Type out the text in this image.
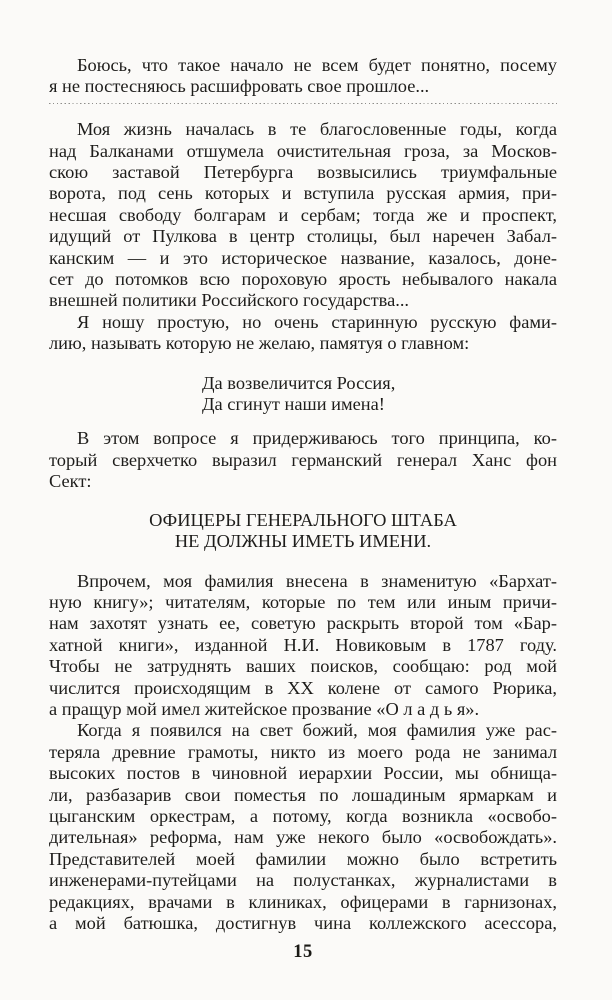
Боюсь, что такое начало не всем будет понятно, посему
я не постесняюсь расшифровать свое прошлое...
Моя жизнь началась в те благословенные годы, когда
над Балканами отшумела очистительная гроза, за Москов-
скою заставой Петербурга возвысились триумфальные
ворота, под сень которых и вступила русская армия, при-
несшая свободу болгарам и сербам; тогда же и проспект,
идущий от Пулкова в центр столицы, был наречен Забал-
канским — и это историческое название, казалось, доне-
сет до потомков всю пороховую ярость небывалого накала
внешней политики Российского государства...
Я ношу простую, но очень старинную русскую фами-
лию, называть которую не желаю, памятуя о главном:
Да возвеличится Россия,
Да сгинут наши имена!
В этом вопросе я придерживаюсь того принципа, ко-
торый сверхчетко выразил германский генерал Ханс фон
Сект:
ОФИЦЕРЫ ГЕНЕРАЛЬНОГО ШТАБА
НЕ ДОЛЖНЫ ИМЕТЬ ИМЕНИ.
Впрочем, моя фамилия внесена в знаменитую «Бархат-
ную книгу»; читателям, которые по тем или иным причи-
нам захотят узнать ее, советую раскрыть второй том «Бар-
хатной книги», изданной Н.И. Новиковым в 1787 году.
Чтобы не затруднять ваших поисков, сообщаю: род мой
числится происходящим в XX колене от самого Рюрика,
а пращур мой имел житейское прозвание «О л а д ь я».
Когда я появился на свет божий, моя фамилия уже рас-
теряла древние грамоты, никто из моего рода не занимал
высоких постов в чиновной иерархии России, мы обнища-
ли, разбазарив свои поместья по лошадиным ярмаркам и
цыганским оркестрам, а потому, когда возникла «освобо-
дительная» реформа, нам уже некого было «освобождать».
Представителей моей фамилии можно было встретить
инженерами-путейцами на полустанках, журналистами в
редакциях, врачами в клиниках, офицерами в гарнизонах,
а мой батюшка, достигнув чина коллежского асессора,
15
